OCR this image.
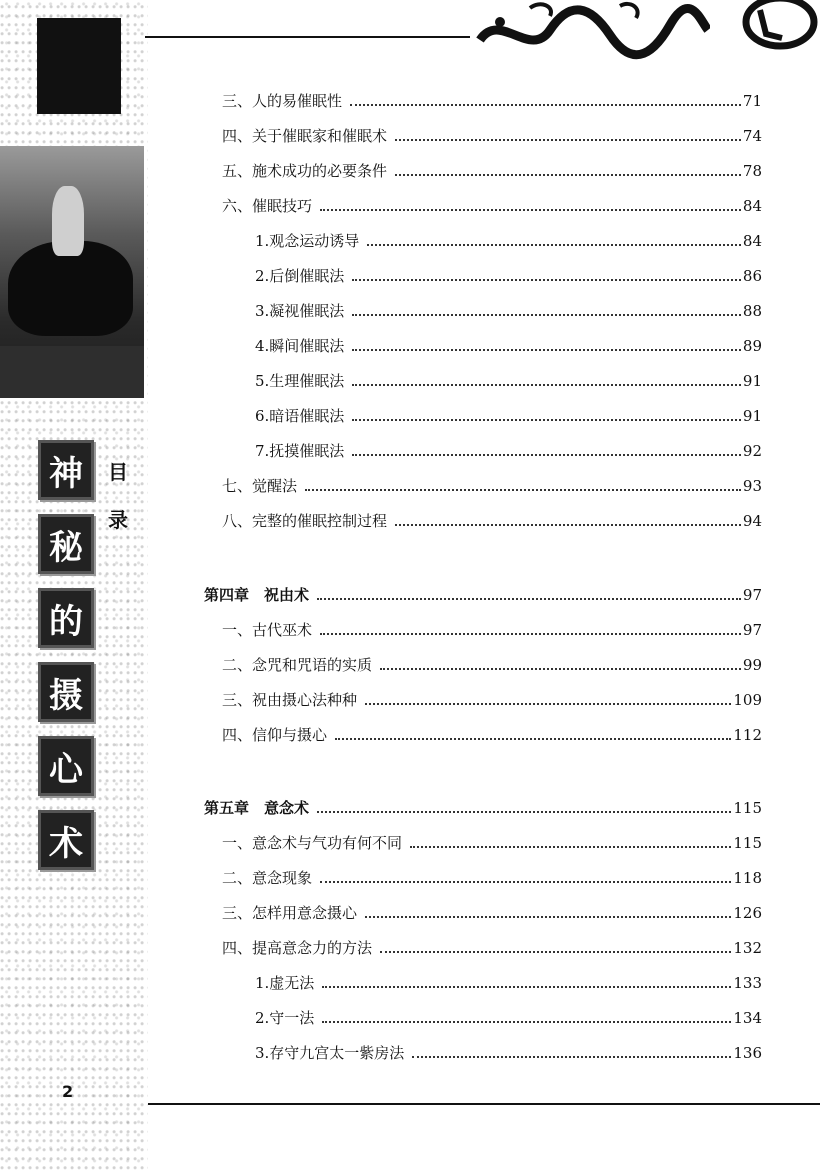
神
秘
的
摄
心
术
目
录
2
三、人的易催眠性	71
四、关于催眠家和催眠术	74
五、施术成功的必要条件	78
六、催眠技巧	84
1.观念运动诱导	84
2.后倒催眠法	86
3.凝视催眠法	88
4.瞬间催眠法	89
5.生理催眠法	91
6.暗语催眠法	91
7.抚摸催眠法	92
七、觉醒法	93
八、完整的催眠控制过程	94
第四章　祝由术	97
一、古代巫术	97
二、念咒和咒语的实质	99
三、祝由摄心法种种	109
四、信仰与摄心	112
第五章　意念术	115
一、意念术与气功有何不同	115
二、意念现象	118
三、怎样用意念摄心	126
四、提高意念力的方法	132
1.虚无法	133
2.守一法	134
3.存守九宫太一紫房法	136
